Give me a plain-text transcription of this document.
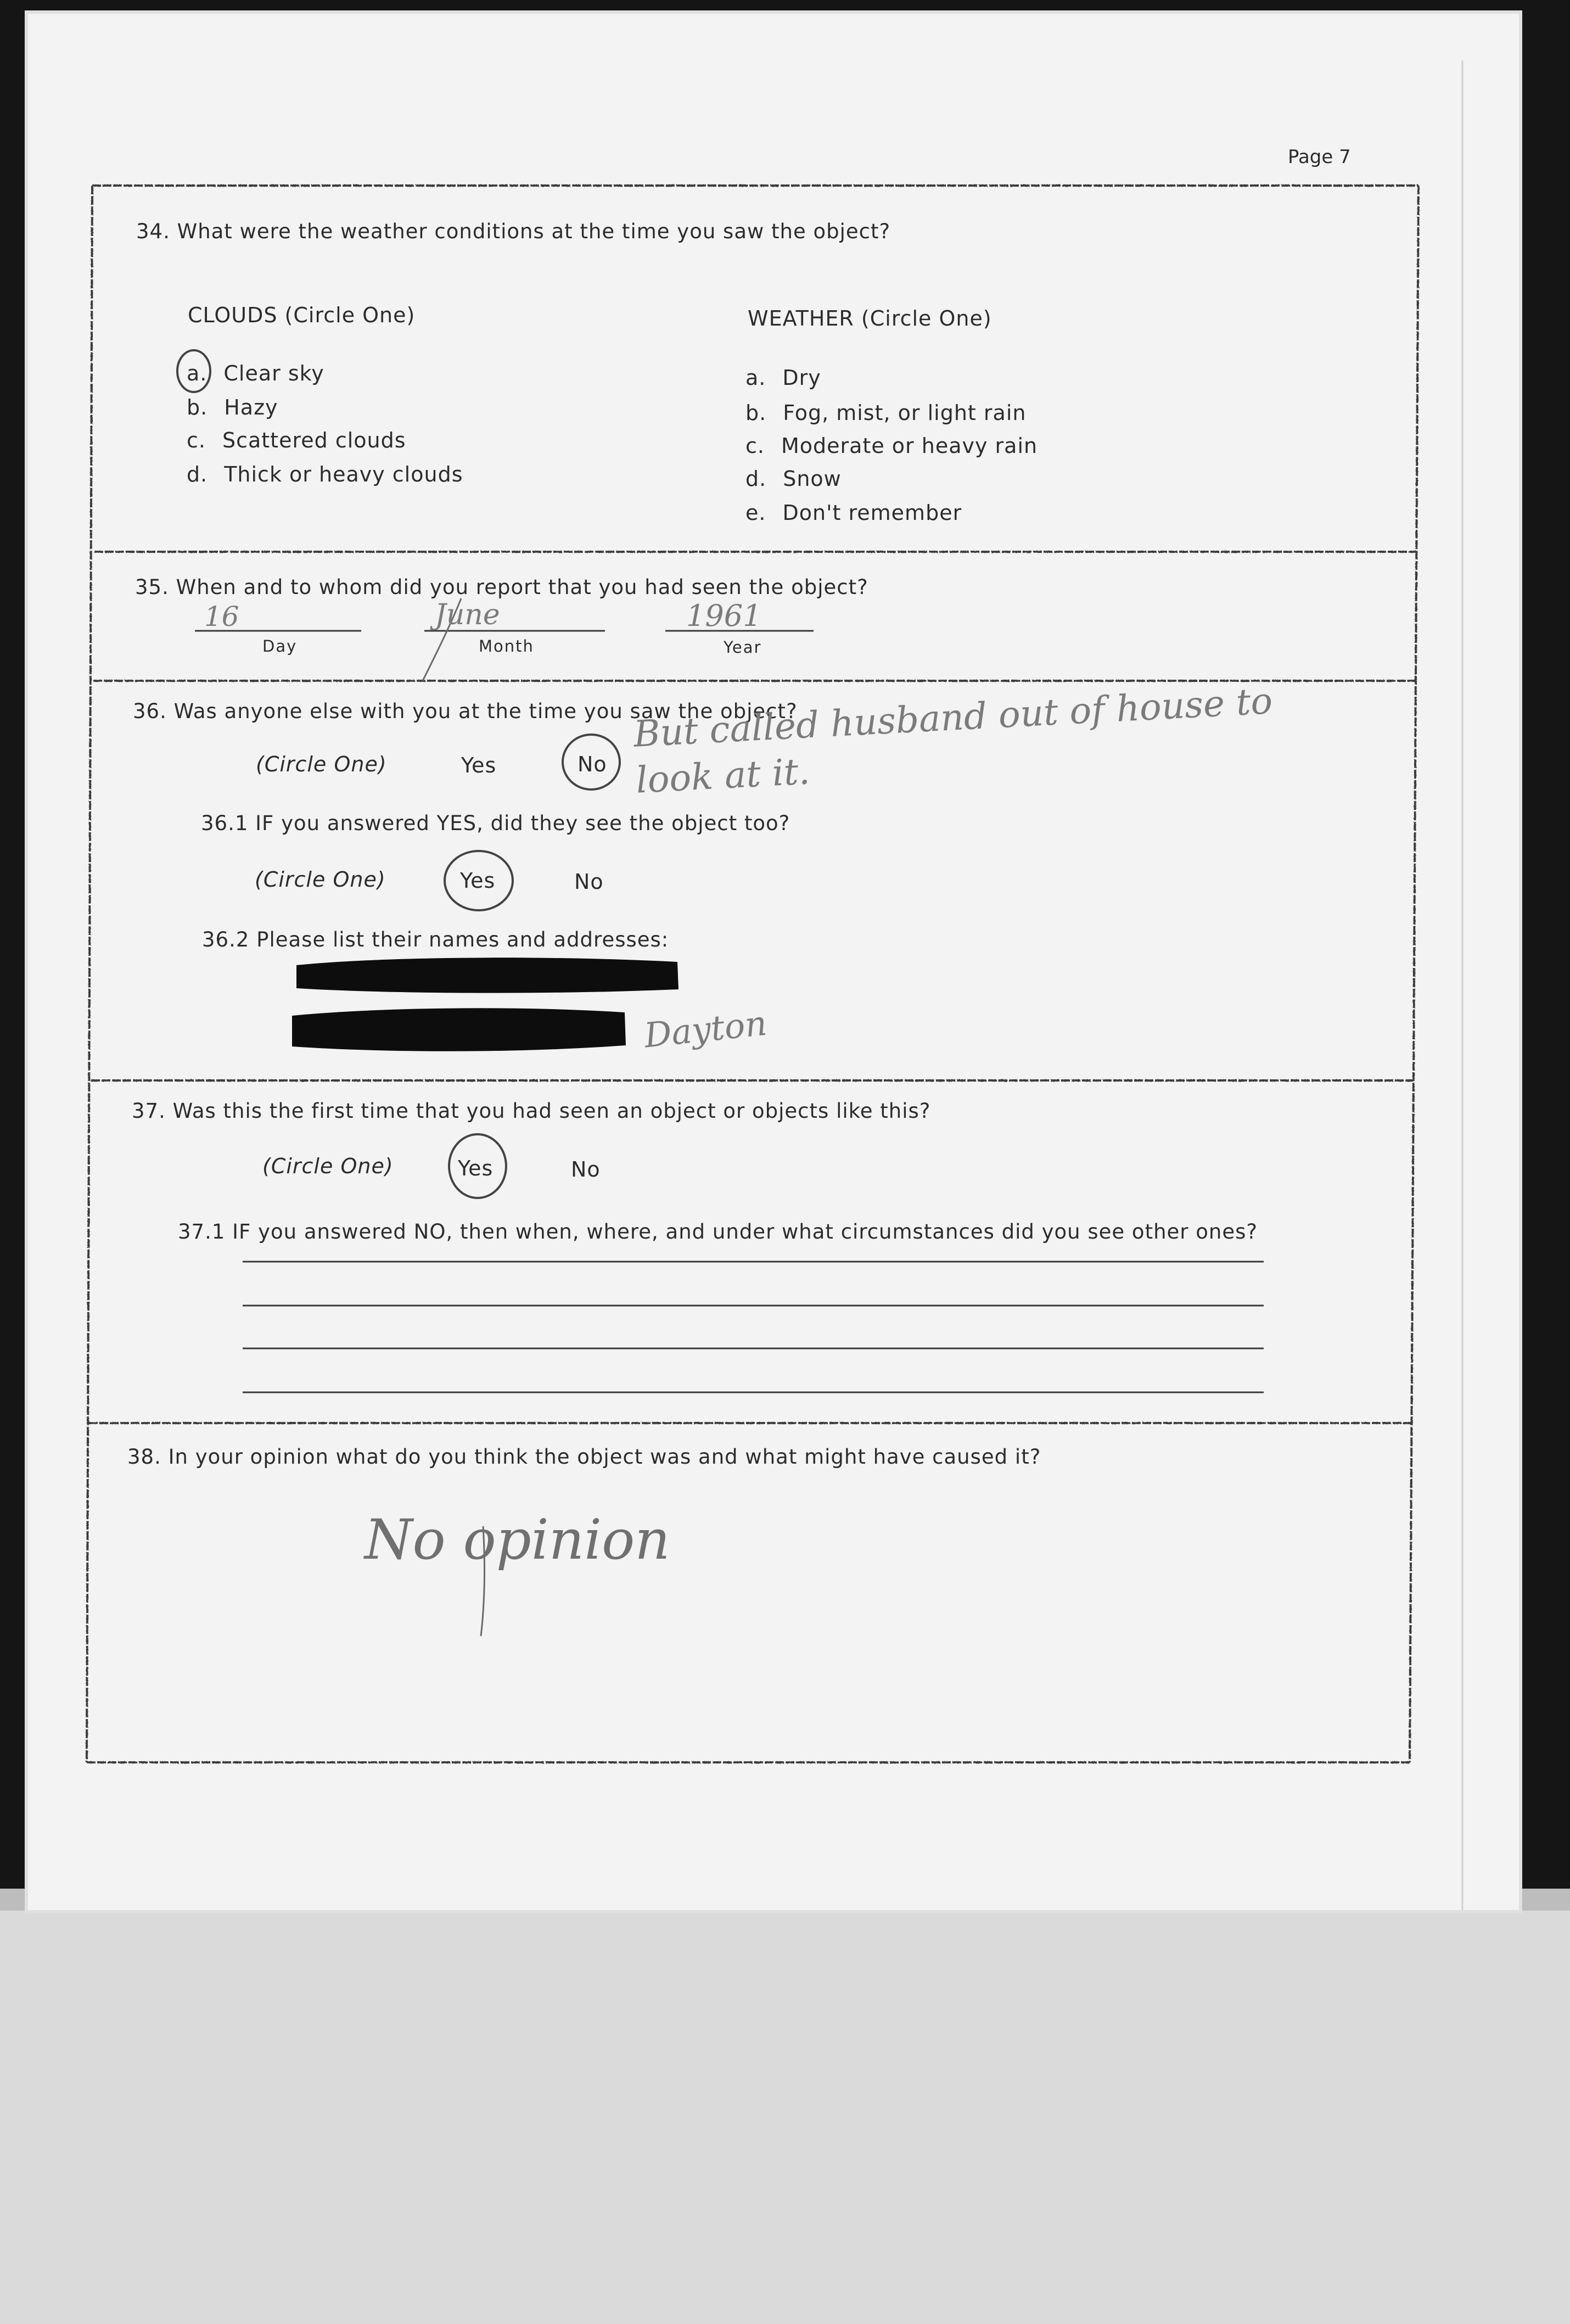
Page 7
34. What were the weather conditions at the time you saw the object?
CLOUDS (Circle One)
a. Clear sky
b. Hazy
c. Scattered clouds
d. Thick or heavy clouds
WEATHER (Circle One)
a. Dry
b. Fog, mist, or light rain
c. Moderate or heavy rain
d. Snow
e. Don't remember
35. When and to whom did you report that you had seen the object?
16	June	1961
Day	Month	Year
36. Was anyone else with you at the time you saw the object?
(Circle One)	Yes	No
But called husband out of house to look at it.
36.1 IF you answered YES, did they see the object too?
(Circle One)	Yes	No
36.2 Please list their names and addresses:
Dayton
37. Was this the first time that you had seen an object or objects like this?
(Circle One)	Yes	No
37.1 IF you answered NO, then when, where, and under what circumstances did you see other ones?
38. In your opinion what do you think the object was and what might have caused it?
No opinion
